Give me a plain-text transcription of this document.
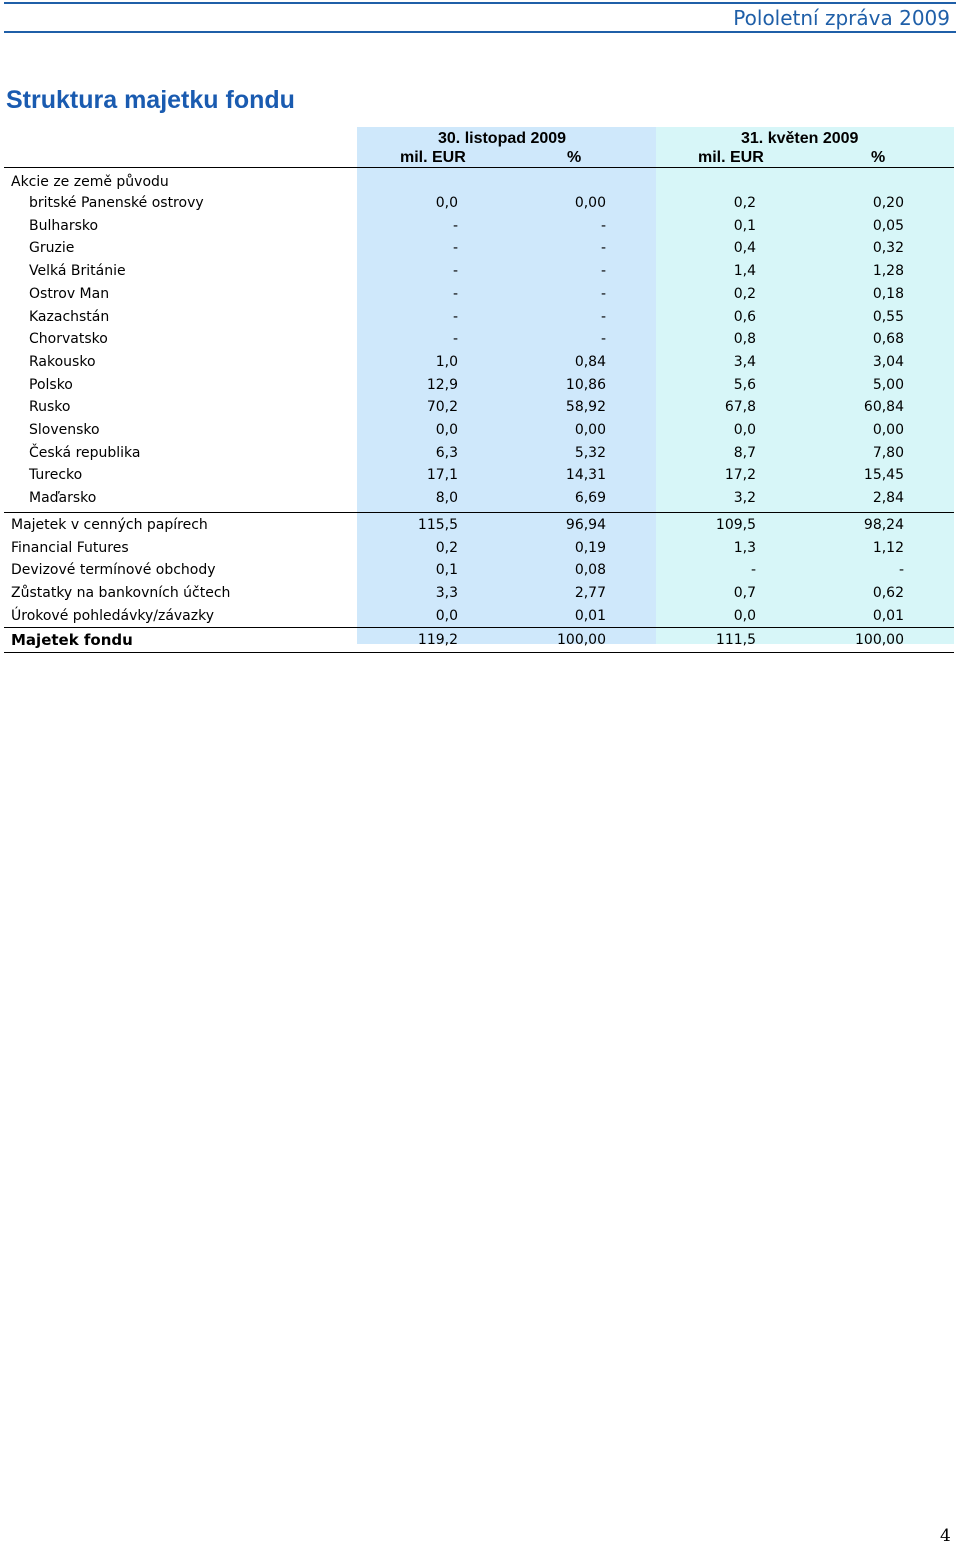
Pololetní zpráva 2009
Struktura majetku fondu
30. listopad 2009	31. květen 2009
mil. EUR	%	mil. EUR	%
Akcie ze země původu
britské Panenské ostrovy	0,0	0,00	0,2	0,20
Bulharsko	-	-	0,1	0,05
Gruzie	-	-	0,4	0,32
Velká Británie	-	-	1,4	1,28
Ostrov Man	-	-	0,2	0,18
Kazachstán	-	-	0,6	0,55
Chorvatsko	-	-	0,8	0,68
Rakousko	1,0	0,84	3,4	3,04
Polsko	12,9	10,86	5,6	5,00
Rusko	70,2	58,92	67,8	60,84
Slovensko	0,0	0,00	0,0	0,00
Česká republika	6,3	5,32	8,7	7,80
Turecko	17,1	14,31	17,2	15,45
Maďarsko	8,0	6,69	3,2	2,84
Majetek v cenných papírech	115,5	96,94	109,5	98,24
Financial Futures	0,2	0,19	1,3	1,12
Devizové termínové obchody	0,1	0,08	-	-
Zůstatky na bankovních účtech	3,3	2,77	0,7	0,62
Úrokové pohledávky/závazky	0,0	0,01	0,0	0,01
Majetek fondu	119,2	100,00	111,5	100,00
4
